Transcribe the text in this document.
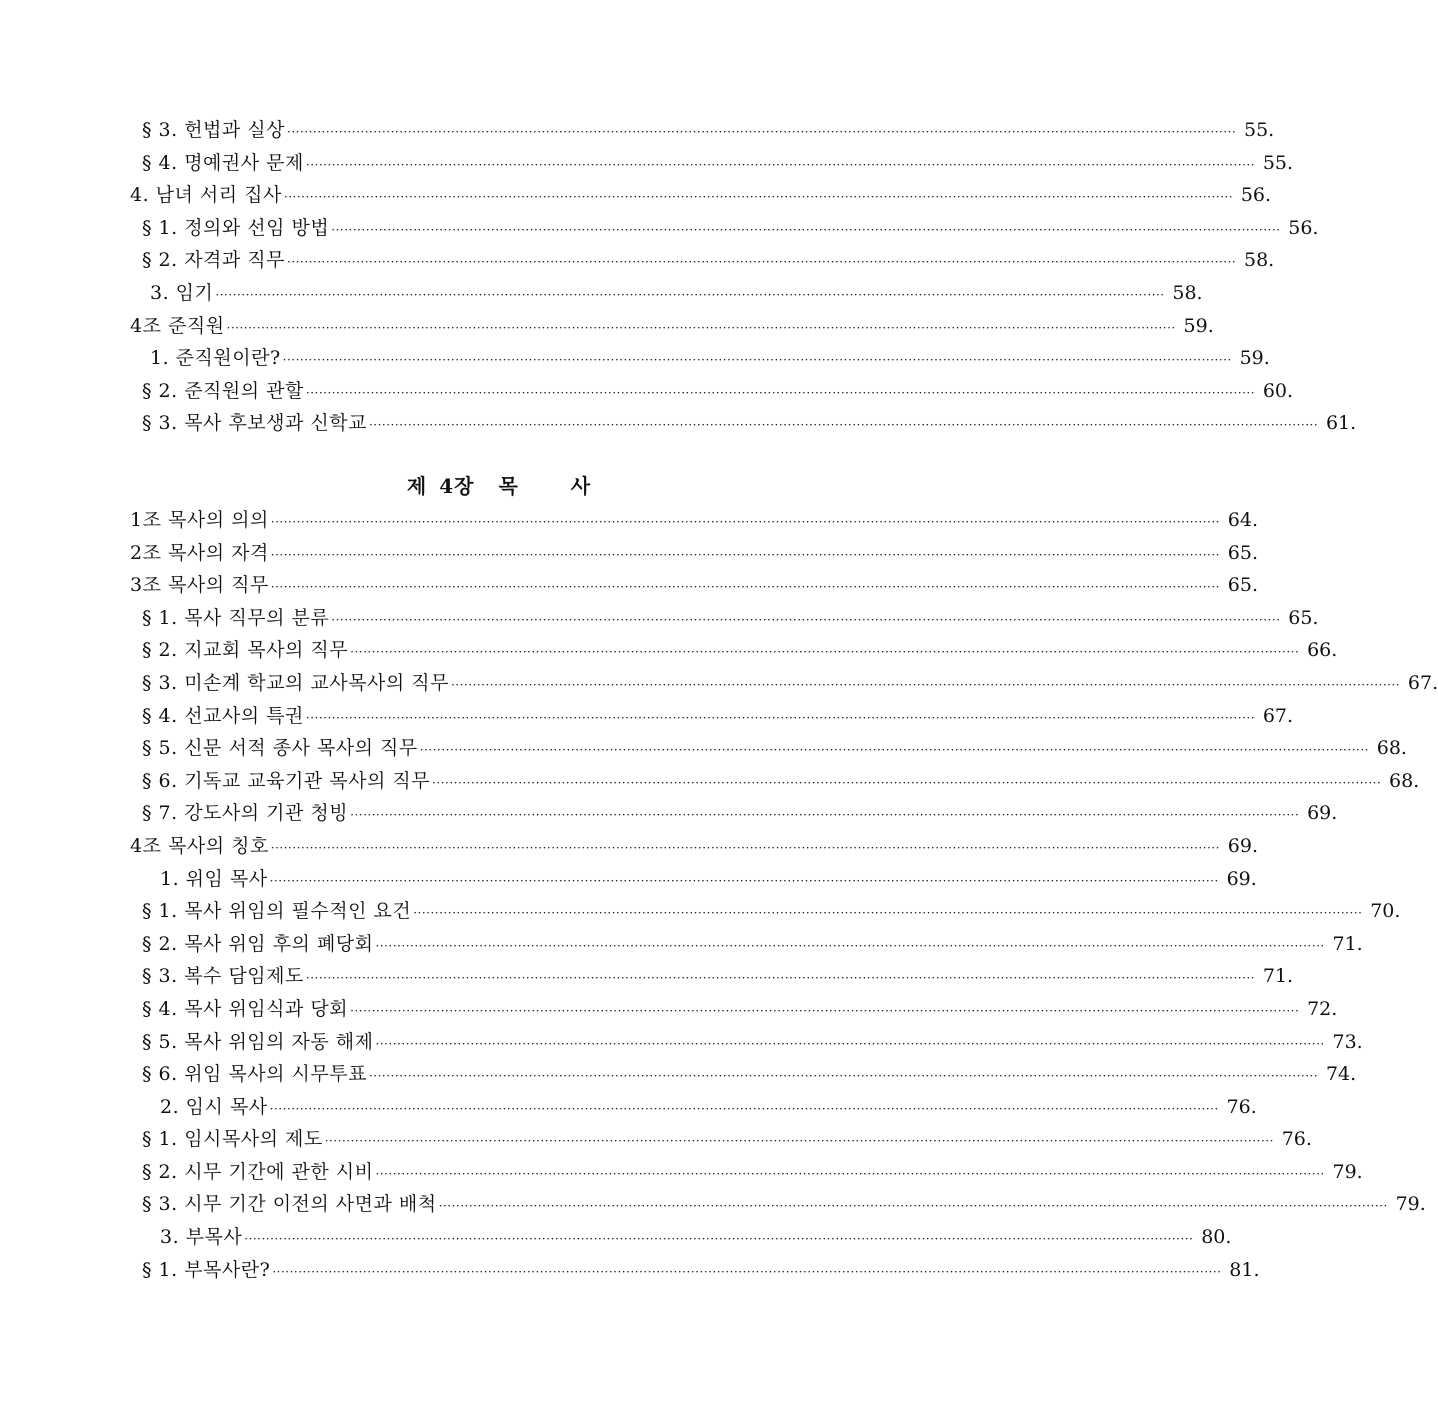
§ 3. 헌법과 실상 ···························································································································································································································· 55.
§ 4. 명예권사 문제 ···························································································································································································································· 55.
4. 남녀 서리 집사 ···························································································································································································································· 56.
§ 1. 정의와 선임 방법 ···························································································································································································································· 56.
§ 2. 자격과 직무 ···························································································································································································································· 58.
3. 임기 ···························································································································································································································· 58.
4조 준직원 ···························································································································································································································· 59.
1. 준직원이란? ···························································································································································································································· 59.
§ 2. 준직원의 관할 ···························································································································································································································· 60.
§ 3. 목사 후보생과 신학교 ···························································································································································································································· 61.
제 4장 목	사
1조 목사의 의의 ···························································································································································································································· 64.
2조 목사의 자격 ···························································································································································································································· 65.
3조 목사의 직무 ···························································································································································································································· 65.
§ 1. 목사 직무의 분류 ···························································································································································································································· 65.
§ 2. 지교회 목사의 직무 ···························································································································································································································· 66.
§ 3. 미손계 학교의 교사목사의 직무 ···························································································································································································································· 67.
§ 4. 선교사의 특권 ···························································································································································································································· 67.
§ 5. 신문 서적 종사 목사의 직무 ···························································································································································································································· 68.
§ 6. 기독교 교육기관 목사의 직무 ···························································································································································································································· 68.
§ 7. 강도사의 기관 청빙 ···························································································································································································································· 69.
4조 목사의 칭호 ···························································································································································································································· 69.
1. 위임 목사 ···························································································································································································································· 69.
§ 1. 목사 위임의 필수적인 요건 ···························································································································································································································· 70.
§ 2. 목사 위임 후의 폐당회 ···························································································································································································································· 71.
§ 3. 복수 담임제도 ···························································································································································································································· 71.
§ 4. 목사 위임식과 당회 ···························································································································································································································· 72.
§ 5. 목사 위임의 자동 해제 ···························································································································································································································· 73.
§ 6. 위임 목사의 시무투표 ···························································································································································································································· 74.
2. 임시 목사 ···························································································································································································································· 76.
§ 1. 임시목사의 제도 ···························································································································································································································· 76.
§ 2. 시무 기간에 관한 시비 ···························································································································································································································· 79.
§ 3. 시무 기간 이전의 사면과 배척 ···························································································································································································································· 79.
3. 부목사 ···························································································································································································································· 80.
§ 1. 부목사란? ···························································································································································································································· 81.
